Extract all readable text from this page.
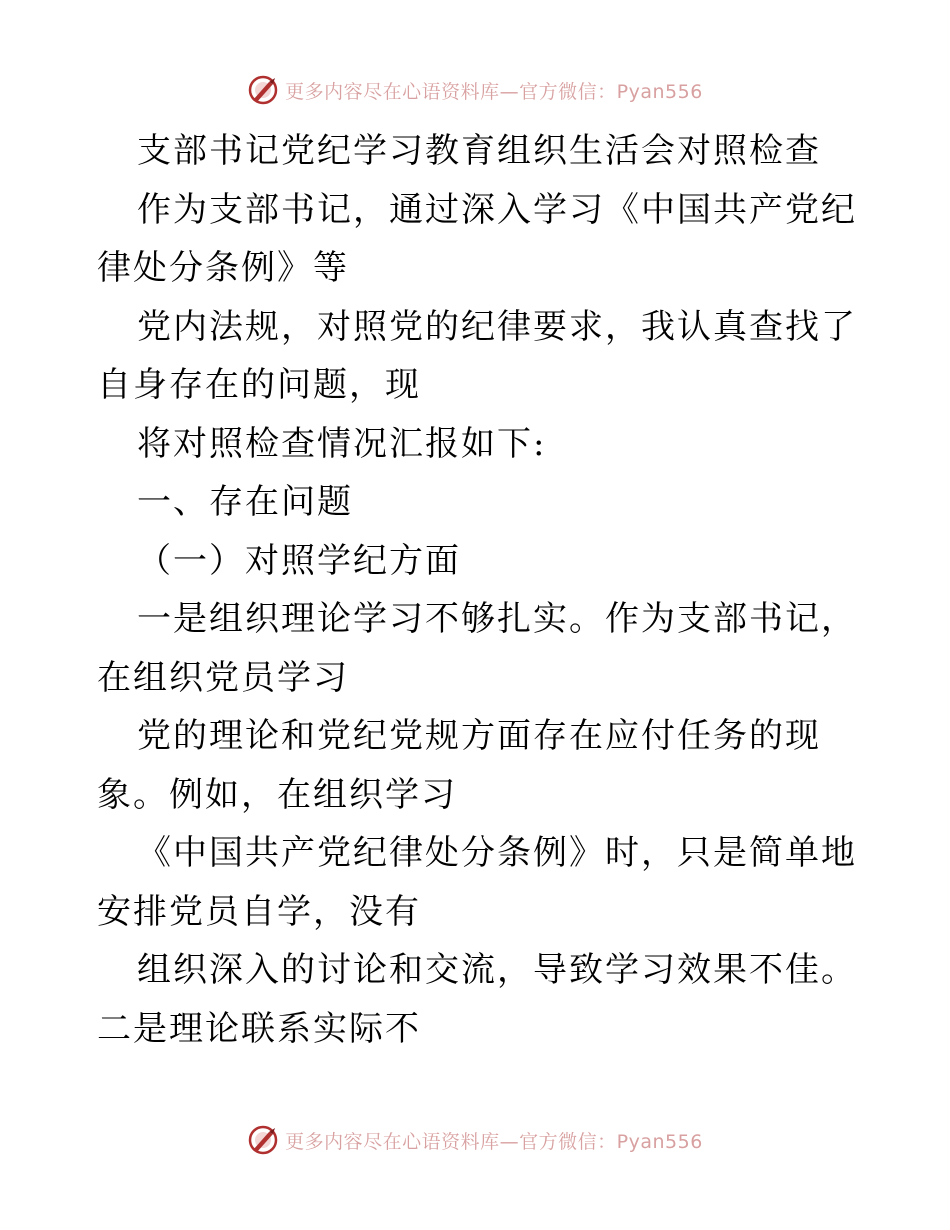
更多内容尽在心语资料库—官方微信：Pyan556

支部书记党纪学习教育组织生活会对照检查

作为支部书记，通过深入学习《中国共产党纪律处分条例》等

党内法规，对照党的纪律要求，我认真查找了自身存在的问题，现

将对照检查情况汇报如下:

一、存在问题

（一）对照学纪方面

一是组织理论学习不够扎实。作为支部书记，在组织党员学习

党的理论和党纪党规方面存在应付任务的现象。例如，在组织学习

《中国共产党纪律处分条例》时，只是简单地安排党员自学，没有

组织深入的讨论和交流，导致学习效果不佳。二是理论联系实际不

更多内容尽在心语资料库—官方微信：Pyan556
